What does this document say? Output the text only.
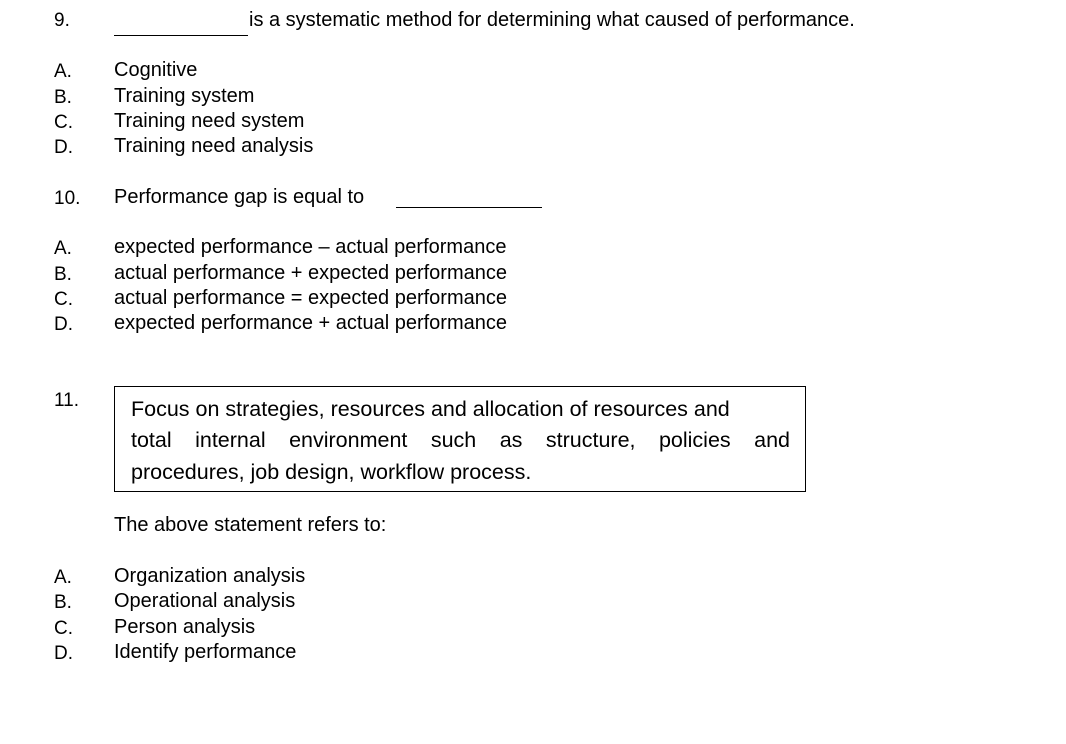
9.	is a systematic method for determining what caused of performance.
A. Cognitive
B. Training system
C. Training need system
D. Training need analysis
10. Performance gap is equal to
A. expected performance – actual performance
B. actual performance + expected performance
C. actual performance = expected performance
D. expected performance + actual performance
11. Focus on strategies, resources and allocation of resources and
total internal environment such as structure, policies and
procedures, job design, workflow process.
The above statement refers to:
A. Organization analysis
B. Operational analysis
C. Person analysis
D. Identify performance
